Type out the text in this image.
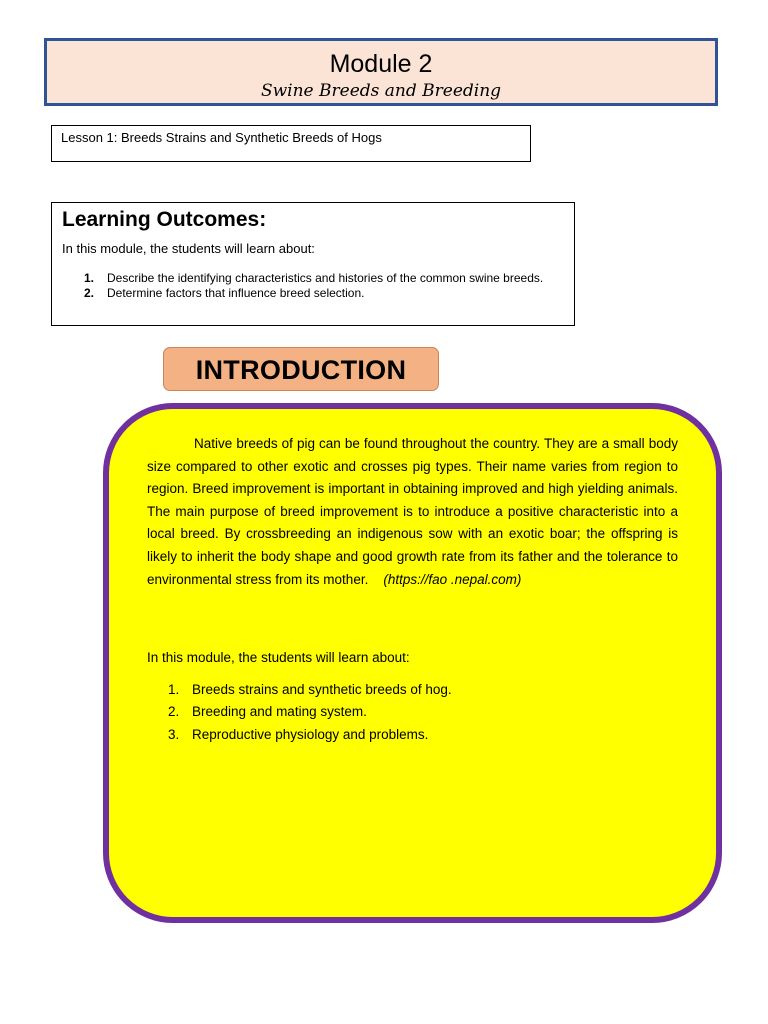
Module 2
Swine Breeds and Breeding
Lesson 1: Breeds Strains and Synthetic Breeds of Hogs
Learning Outcomes:
In this module, the students will learn about:
1.	Describe the identifying characteristics and histories of the common swine breeds.
2.	Determine factors that influence breed selection.
INTRODUCTION

Native breeds of pig can be found throughout the country. They are a small body size compared to other exotic and crosses pig types. Their name varies from region to region. Breed improvement is important in obtaining improved and high yielding animals. The main purpose of breed improvement is to introduce a positive characteristic into a local breed. By crossbreeding an indigenous sow with an exotic boar; the offspring is likely to inherit the body shape and good growth rate from its father and the tolerance to environmental stress from its mother. (https://fao .nepal.com)

In this module, the students will learn about:

1. Breeds strains and synthetic breeds of hog.
2. Breeding and mating system.
3. Reproductive physiology and problems.
